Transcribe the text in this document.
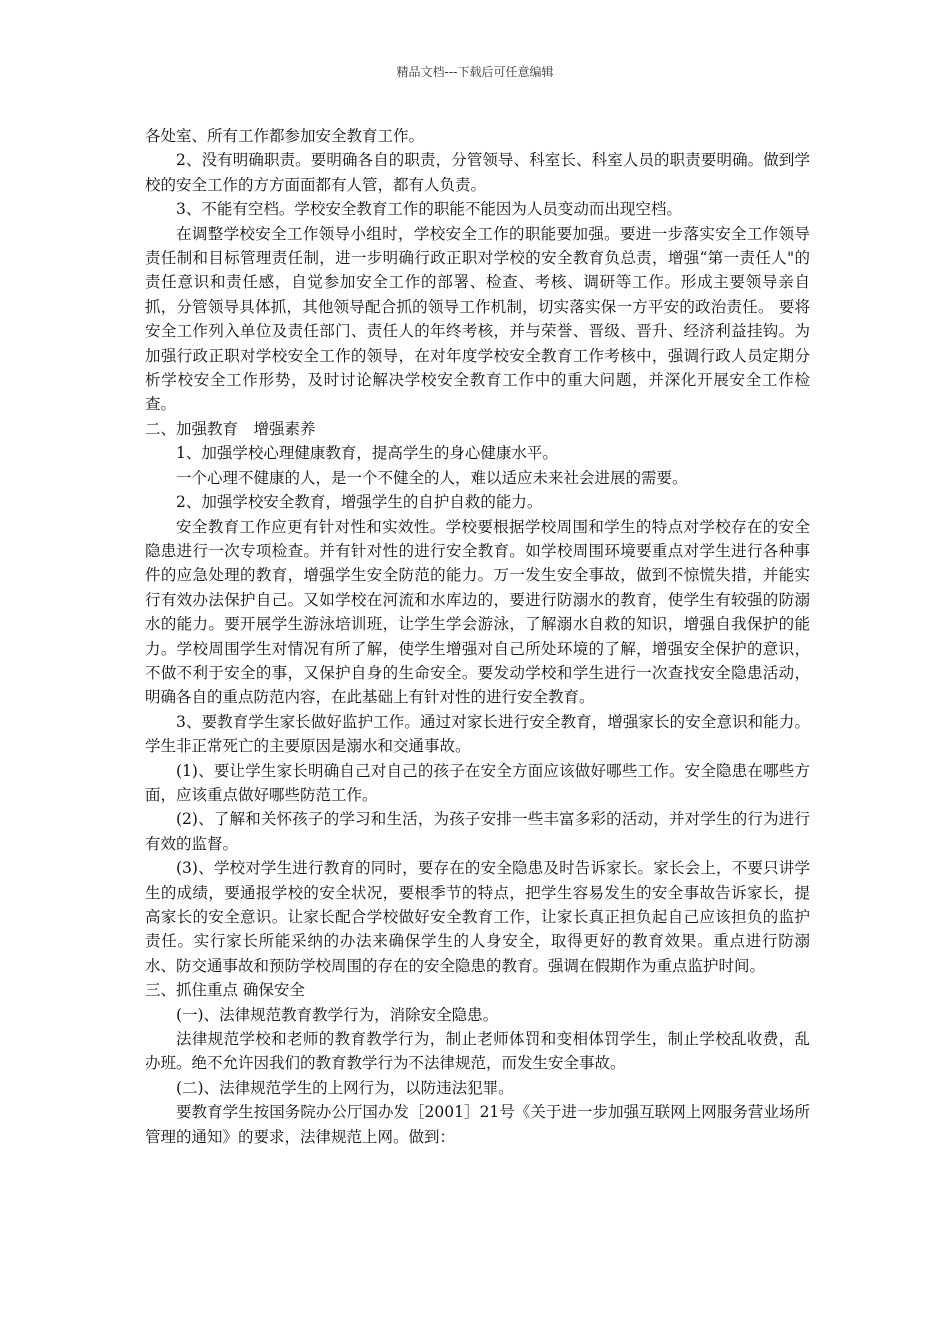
精品文档---下载后可任意编辑

各处室、所有工作都参加安全教育工作。

2、没有明确职责。要明确各自的职责，分管领导、科室长、科室人员的职责要明确。做到学校的安全工作的方方面面都有人管，都有人负责。

3、不能有空档。学校安全教育工作的职能不能因为人员变动而出现空档。

在调整学校安全工作领导小组时，学校安全工作的职能要加强。要进一步落实安全工作领导责任制和目标管理责任制，进一步明确行政正职对学校的安全教育负总责，增强“第一责任人"的责任意识和责任感，自觉参加安全工作的部署、检查、考核、调研等工作。形成主要领导亲自抓，分管领导具体抓，其他领导配合抓的领导工作机制，切实落实保一方平安的政治责任。 要将安全工作列入单位及责任部门、责任人的年终考核，并与荣誉、晋级、晋升、经济利益挂钩。为加强行政正职对学校安全工作的领导，在对年度学校安全教育工作考核中，强调行政人员定期分析学校安全工作形势，及时讨论解决学校安全教育工作中的重大问题，并深化开展安全工作检查。

二、加强教育　增强素养

1、加强学校心理健康教育，提高学生的身心健康水平。

一个心理不健康的人，是一个不健全的人，难以适应未来社会进展的需要。

2、加强学校安全教育，增强学生的自护自救的能力。

安全教育工作应更有针对性和实效性。学校要根据学校周围和学生的特点对学校存在的安全隐患进行一次专项检查。并有针对性的进行安全教育。如学校周围环境要重点对学生进行各种事件的应急处理的教育，增强学生安全防范的能力。万一发生安全事故，做到不惊慌失措，并能实行有效办法保护自己。又如学校在河流和水库边的，要进行防溺水的教育，使学生有较强的防溺水的能力。要开展学生游泳培训班，让学生学会游泳，了解溺水自救的知识，增强自我保护的能力。学校周围学生对情况有所了解，使学生增强对自己所处环境的了解，增强安全保护的意识，不做不利于安全的事，又保护自身的生命安全。要发动学校和学生进行一次查找安全隐患活动，明确各自的重点防范内容，在此基础上有针对性的进行安全教育。

3、要教育学生家长做好监护工作。通过对家长进行安全教育，增强家长的安全意识和能力。学生非正常死亡的主要原因是溺水和交通事故。

(1)、要让学生家长明确自己对自己的孩子在安全方面应该做好哪些工作。安全隐患在哪些方面，应该重点做好哪些防范工作。

(2)、了解和关怀孩子的学习和生活，为孩子安排一些丰富多彩的活动，并对学生的行为进行有效的监督。

(3)、学校对学生进行教育的同时，要存在的安全隐患及时告诉家长。家长会上，不要只讲学生的成绩，要通报学校的安全状况，要根季节的特点，把学生容易发生的安全事故告诉家长，提高家长的安全意识。让家长配合学校做好安全教育工作，让家长真正担负起自己应该担负的监护责任。实行家长所能采纳的办法来确保学生的人身安全，取得更好的教育效果。重点进行防溺水、防交通事故和预防学校周围的存在的安全隐患的教育。强调在假期作为重点监护时间。

三、抓住重点 确保安全

(一)、法律规范教育教学行为，消除安全隐患。

法律规范学校和老师的教育教学行为，制止老师体罚和变相体罚学生，制止学校乱收费，乱办班。绝不允许因我们的教育教学行为不法律规范，而发生安全事故。

(二)、法律规范学生的上网行为，以防违法犯罪。

要教育学生按国务院办公厅国办发［2001］21号《关于进一步加强互联网上网服务营业场所管理的通知》的要求，法律规范上网。做到：
